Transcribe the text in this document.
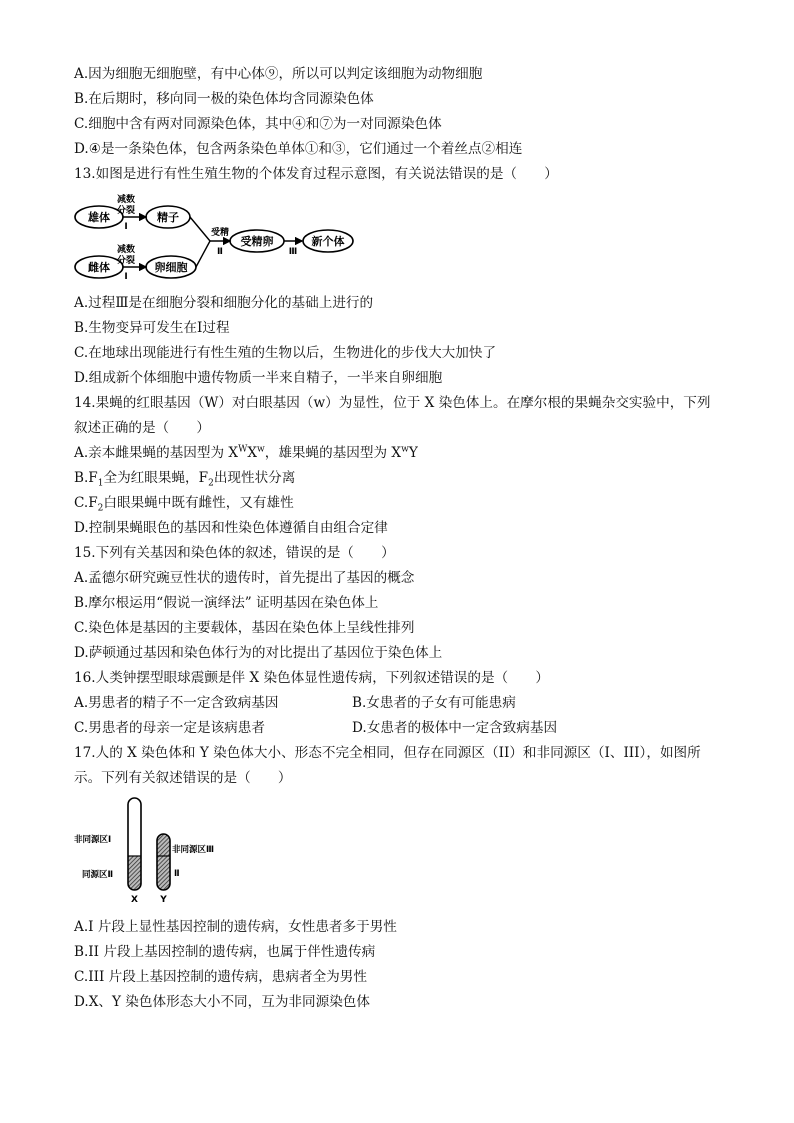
A.因为细胞无细胞壁，有中心体⑨，所以可以判定该细胞为动物细胞
B.在后期时，移向同一极的染色体均含同源染色体
C.细胞中含有两对同源染色体，其中④和⑦为一对同源染色体
D.④是一条染色体，包含两条染色单体①和③，它们通过一个着丝点②相连
13.如图是进行有性生殖生物的个体发育过程示意图，有关说法错误的是（　　）
雄体
减数
分裂
Ⅰ
精子
雌体
减数
分裂
Ⅰ
卵细胞
受精
Ⅱ
受精卵
Ⅲ
新个体
A.过程Ⅲ是在细胞分裂和细胞分化的基础上进行的
B.生物变异可发生在Ⅰ过程
C.在地球出现能进行有性生殖的生物以后，生物进化的步伐大大加快了
D.组成新个体细胞中遗传物质一半来自精子，一半来自卵细胞
14.果蝇的红眼基因（W）对白眼基因（w）为显性，位于 X 染色体上。在摩尔根的果蝇杂交实验中，下列
叙述正确的是（　　）
A.亲本雌果蝇的基因型为 $X^WX^w$，雄果蝇的基因型为 $X^wY$
$B.F_1$全为红眼果蝇，$F_2$出现性状分离
$C.F_2$白眼果蝇中既有雌性，又有雄性
D.控制果蝇眼色的基因和性染色体遵循自由组合定律
15.下列有关基因和染色体的叙述，错误的是（　　）
A.孟德尔研究豌豆性状的遗传时，首先提出了基因的概念
B.摩尔根运用“假说一演绎法” 证明基因在染色体上
C.染色体是基因的主要载体，基因在染色体上呈线性排列
D.萨顿通过基因和染色体行为的对比提出了基因位于染色体上
16.人类钟摆型眼球震颤是伴 X 染色体显性遗传病，下列叙述错误的是（　　）
A.男患者的精子不一定含致病基因	B.女患者的子女有可能患病
C.男患者的母亲一定是该病患者	D.女患者的极体中一定含致病基因
17.人的 X 染色体和 Y 染色体大小、形态不完全相同，但存在同源区（II）和非同源区（I、III），如图所
示。下列有关叙述错误的是（　　）
非同源区Ⅰ
同源区Ⅱ
非同源区Ⅲ
Ⅱ
X Y
A.I 片段上显性基因控制的遗传病，女性患者多于男性
B.II 片段上基因控制的遗传病，也属于伴性遗传病
C.III 片段上基因控制的遗传病，患病者全为男性
D.X、Y 染色体形态大小不同，互为非同源染色体
